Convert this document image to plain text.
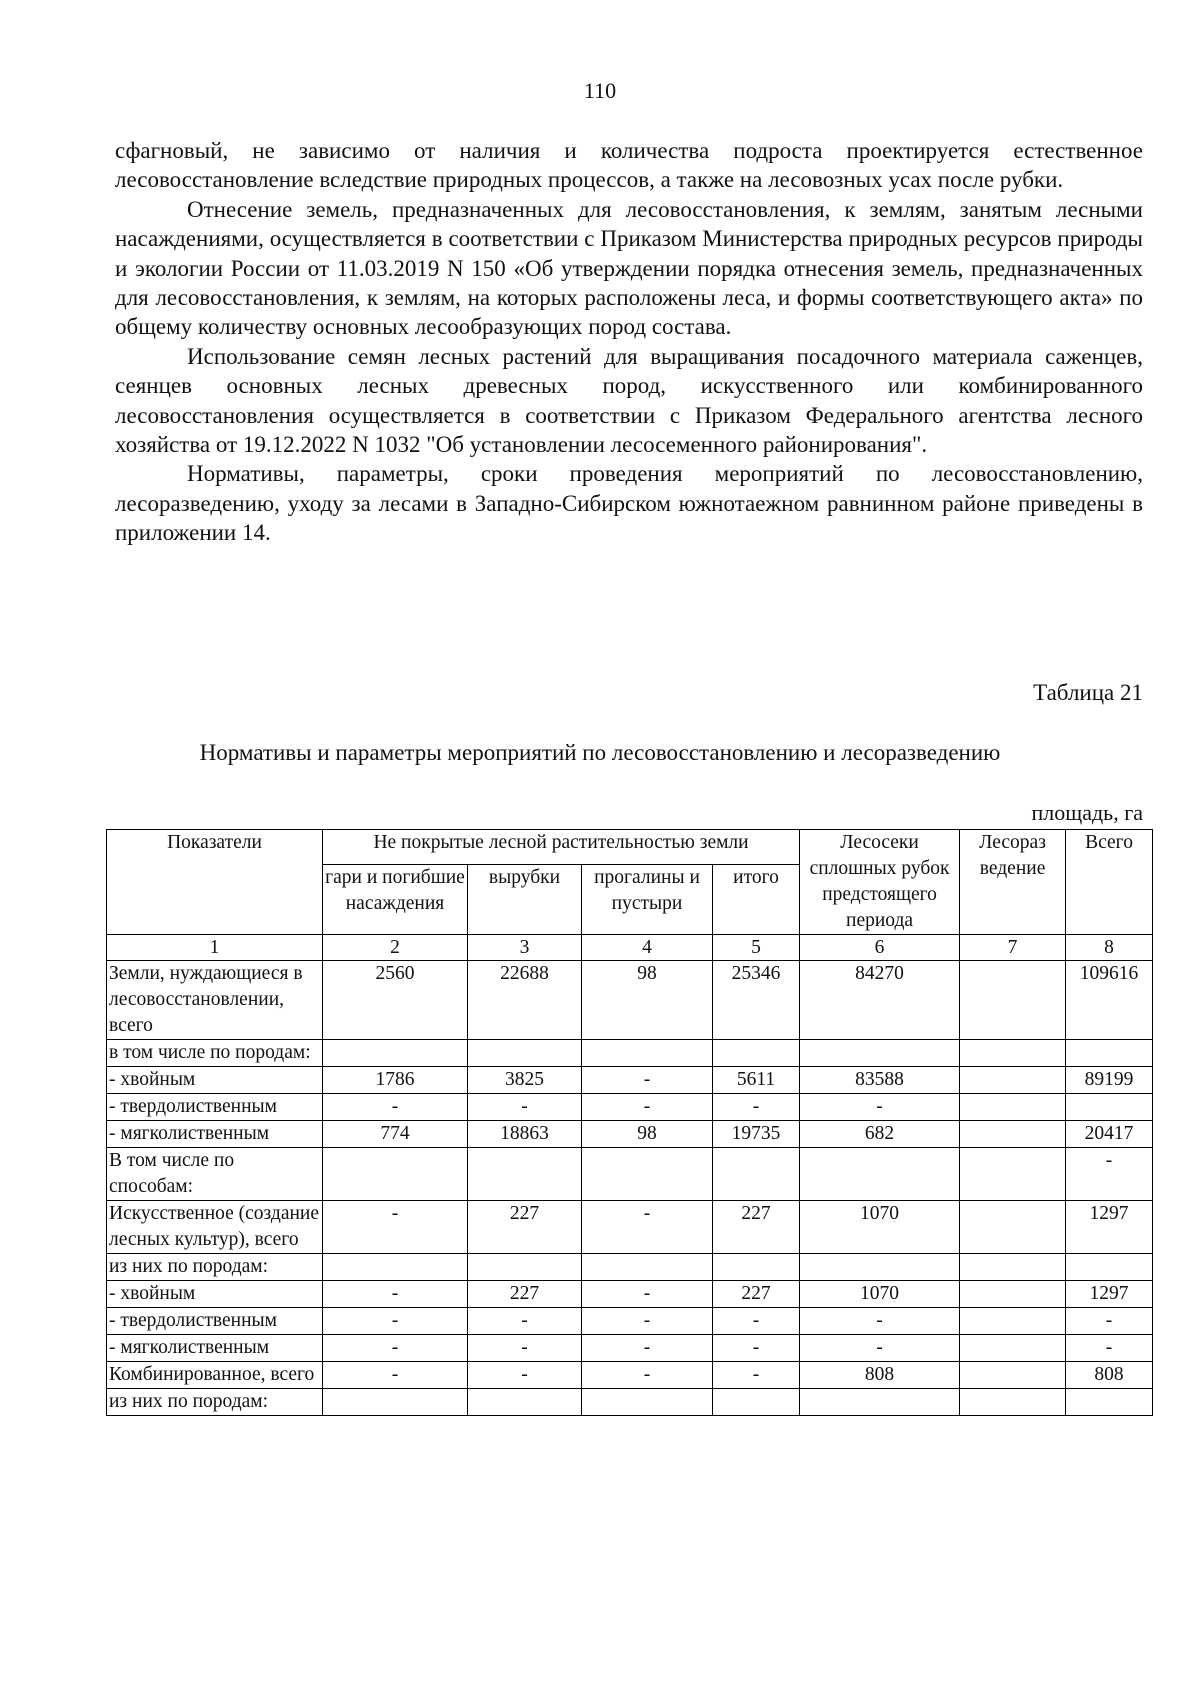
110

сфагновый, не зависимо от наличия и количества подроста проектируется естественное лесовосстановление вследствие природных процессов, а также на лесовозных усах после рубки.

Отнесение земель, предназначенных для лесовосстановления, к землям, занятым лесными насаждениями, осуществляется в соответствии с Приказом Министерства природных ресурсов природы и экологии России от 11.03.2019 N 150 «Об утверждении порядка отнесения земель, предназначенных для лесовосстановления, к землям, на которых расположены леса, и формы соответствующего акта» по общему количеству основных лесообразующих пород состава.

Использование семян лесных растений для выращивания посадочного материала саженцев, сеянцев основных лесных древесных пород, искусственного или комбинированного лесовосстановления осуществляется в соответствии с Приказом Федерального агентства лесного хозяйства от 19.12.2022 N 1032 "Об установлении лесосеменного районирования".

Нормативы, параметры, сроки проведения мероприятий по лесовосстановлению, лесоразведению, уходу за лесами в Западно-Сибирском южнотаежном равнинном районе приведены в приложении 14.

Таблица 21
Нормативы и параметры мероприятий по лесовосстановлению и лесоразведению
площадь, га
Показатели	Не покрытые лесной растительностью земли				Лесосеки сплошных рубок предстоящего периода	Лесораз ведение	Всего
	гари и погибшие насаждения	вырубки	прогалины и пустыри	итого			
1	2	3	4	5	6	7	8
Земли, нуждающиеся в лесовосстановлении, всего	2560	22688	98	25346	84270		109616
в том числе по породам:							
- хвойным	1786	3825	-	5611	83588		89199
- твердолиственным	-	-	-	-	-		
- мягколиственным	774	18863	98	19735	682		20417
В том числе по способам:							-
Искусственное (создание лесных культур), всего	-	227	-	227	1070		1297
из них по породам:							
- хвойным	-	227	-	227	1070		1297
- твердолиственным	-	-	-	-	-		-
- мягколиственным	-	-	-	-	-		-
Комбинированное, всего	-	-	-	-	808		808
из них по породам:							
